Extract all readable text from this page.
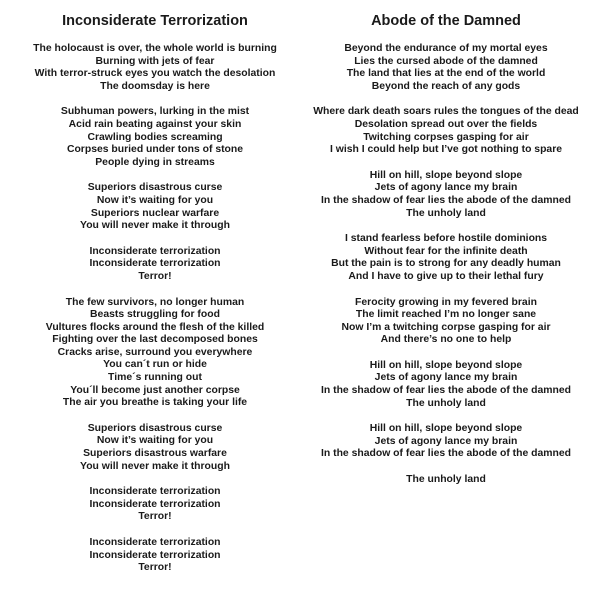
Inconsiderate Terrorization
The holocaust is over, the whole world is burning
Burning with jets of fear
With terror-struck eyes you watch the desolation
The doomsday is here
Subhuman powers, lurking in the mist
Acid rain beating against your skin
Crawling bodies screaming
Corpses buried under tons of stone
People dying in streams
Superiors disastrous curse
Now it’s waiting for you
Superiors nuclear warfare
You will never make it through
Inconsiderate terrorization
Inconsiderate terrorization
Terror!
The few survivors, no longer human
Beasts struggling for food
Vultures flocks around the flesh of the killed
Fighting over the last decomposed bones
Cracks arise, surround you everywhere
You can´t run or hide
Time´s running out
You´ll become just another corpse
The air you breathe is taking your life
Superiors disastrous curse
Now it’s waiting for you
Superiors disastrous warfare
You will never make it through
Inconsiderate terrorization
Inconsiderate terrorization
Terror!
Inconsiderate terrorization
Inconsiderate terrorization
Terror!
Abode of the Damned
Beyond the endurance of my mortal eyes
Lies the cursed abode of the damned
The land that lies at the end of the world
Beyond the reach of any gods
Where dark death soars rules the tongues of the dead
Desolation spread out over the fields
Twitching corpses gasping for air
I wish I could help but I’ve got nothing to spare
Hill on hill, slope beyond slope
Jets of agony lance my brain
In the shadow of fear lies the abode of the damned
The unholy land
I stand fearless before hostile dominions
Without fear for the infinite death
But the pain is to strong for any deadly human
And I have to give up to their lethal fury
Ferocity growing in my fevered brain
The limit reached I’m no longer sane
Now I’m a twitching corpse gasping for air
And there’s no one to help
Hill on hill, slope beyond slope
Jets of agony lance my brain
In the shadow of fear lies the abode of the damned
The unholy land
Hill on hill, slope beyond slope
Jets of agony lance my brain
In the shadow of fear lies the abode of the damned
The unholy land
